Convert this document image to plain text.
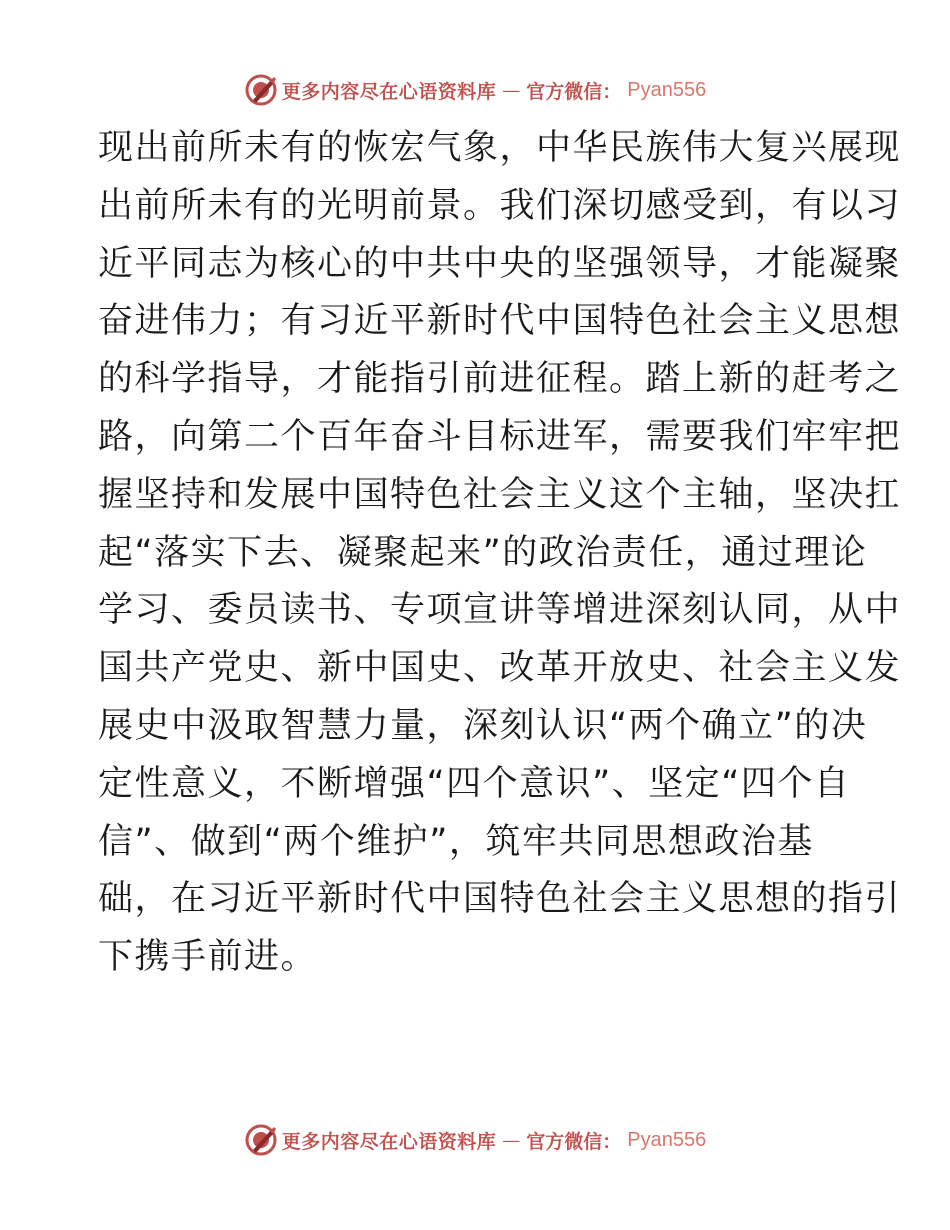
更多内容尽在心语资料库 — 官方微信： Pyan556
现出前所未有的恢宏气象，中华民族伟大复兴展现
出前所未有的光明前景。我们深切感受到，有以习
近平同志为核心的中共中央的坚强领导，才能凝聚
奋进伟力；有习近平新时代中国特色社会主义思想
的科学指导，才能指引前进征程。踏上新的赶考之
路，向第二个百年奋斗目标进军，需要我们牢牢把
握坚持和发展中国特色社会主义这个主轴，坚决扛
起“落实下去、凝聚起来”的政治责任，通过理论
学习、委员读书、专项宣讲等增进深刻认同，从中
国共产党史、新中国史、改革开放史、社会主义发
展史中汲取智慧力量，深刻认识“两个确立”的决
定性意义，不断增强“四个意识”、坚定“四个自
信”、做到“两个维护”，筑牢共同思想政治基
础，在习近平新时代中国特色社会主义思想的指引
下携手前进。
更多内容尽在心语资料库 — 官方微信： Pyan556
